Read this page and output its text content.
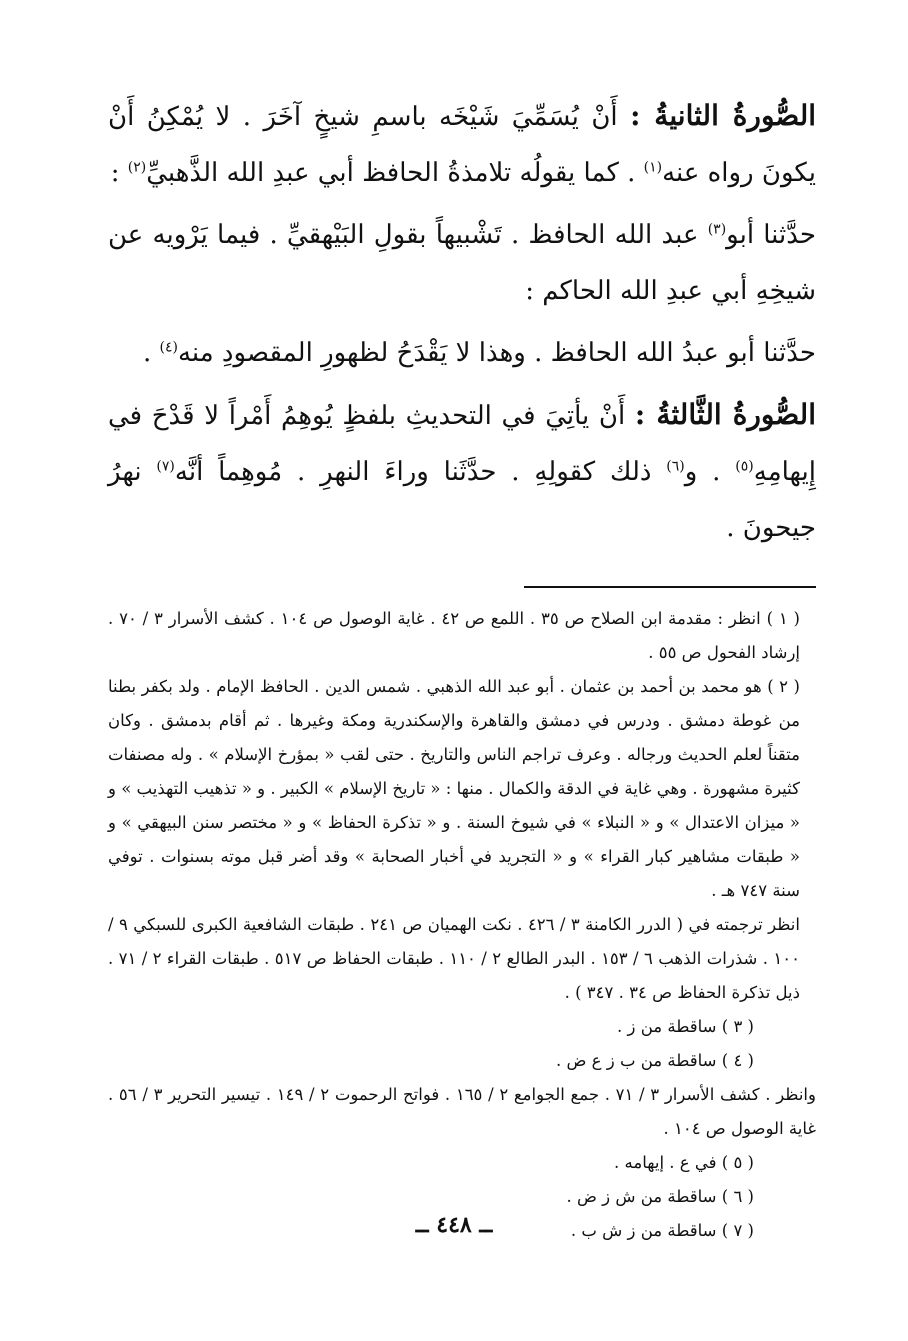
الصُّورةُ الثانيةُ : أَنْ يُسَمِّيَ شَيْخَه باسمِ شيخٍ آخَرَ . لا يُمْكِنُ أَنْ يكونَ رواه عنه$^{(١)}$ . كما يقولُه تلامذةُ الحافظ أبي عبدِ الله الذَّهبيِّ$^{(٢)}$ :

حدَّثنا أبو$^{(٣)}$ عبد الله الحافظ . تَشْبيهاً بقولِ البَيْهقيِّ . فيما يَرْويه عن شيخِهِ أبي عبدِ الله الحاكم :

حدَّثنا أبو عبدُ الله الحافظ . وهذا لا يَقْدَحُ لظهورِ المقصودِ منه$^{(٤)}$ .

الصُّورةُ الثَّالثةُ : أَنْ يأتِيَ في التحديثِ بلفظٍ يُوهِمُ أَمْراً لا قَدْحَ في إِيهامِهِ$^{(٥)}$ . و$^{(٦)}$ ذلك كقولِهِ . حدَّثَنا وراءَ النهرِ . مُوهِماً أنَّه$^{(٧)}$ نهرُ جيحونَ .

( ١ ) انظر : مقدمة ابن الصلاح ص ٣٥ . اللمع ص ٤٢ . غاية الوصول ص ١٠٤ . كشف الأسرار ٣ / ٧٠ . إرشاد الفحول ص ٥٥ .

( ٢ ) هو محمد بن أحمد بن عثمان . أبو عبد الله الذهبي . شمس الدين . الحافظ الإمام . ولد بكفر بطنا من غوطة دمشق . ودرس في دمشق والقاهرة والإسكندرية ومكة وغيرها . ثم أقام بدمشق . وكان متقناً لعلم الحديث ورجاله . وعرف تراجم الناس والتاريخ . حتى لقب « بمؤرخ الإسلام » . وله مصنفات كثيرة مشهورة . وهي غاية في الدقة والكمال . منها : « تاريخ الإسلام » الكبير . و « تذهيب التهذيب » و « ميزان الاعتدال » و « النبلاء » في شيوخ السنة . و « تذكرة الحفاظ » و « مختصر سنن البيهقي » و « طبقات مشاهير كبار القراء » و « التجريد في أخبار الصحابة » وقد أضر قبل موته بسنوات . توفي سنة ٧٤٧ هـ .

انظر ترجمته في ( الدرر الكامنة ٣ / ٤٢٦ . نكت الهميان ص ٢٤١ . طبقات الشافعية الكبرى للسبكي ٩ / ١٠٠ . شذرات الذهب ٦ / ١٥٣ . البدر الطالع ٢ / ١١٠ . طبقات الحفاظ ص ٥١٧ . طبقات القراء ٢ / ٧١ . ذيل تذكرة الحفاظ ص ٣٤ . ٣٤٧ ) .

( ٣ ) ساقطة من ز .

( ٤ ) ساقطة من ب ز ع ض .

وانظر . كشف الأسرار ٣ / ٧١ . جمع الجوامع ٢ / ١٦٥ . فواتح الرحموت ٢ / ١٤٩ . تيسير التحرير ٣ / ٥٦ . غاية الوصول ص ١٠٤ .

( ٥ ) في ع . إيهامه .

( ٦ ) ساقطة من ش ز ض .

( ٧ ) ساقطة من ز ش ب .

ــ ٤٤٨ ــ
